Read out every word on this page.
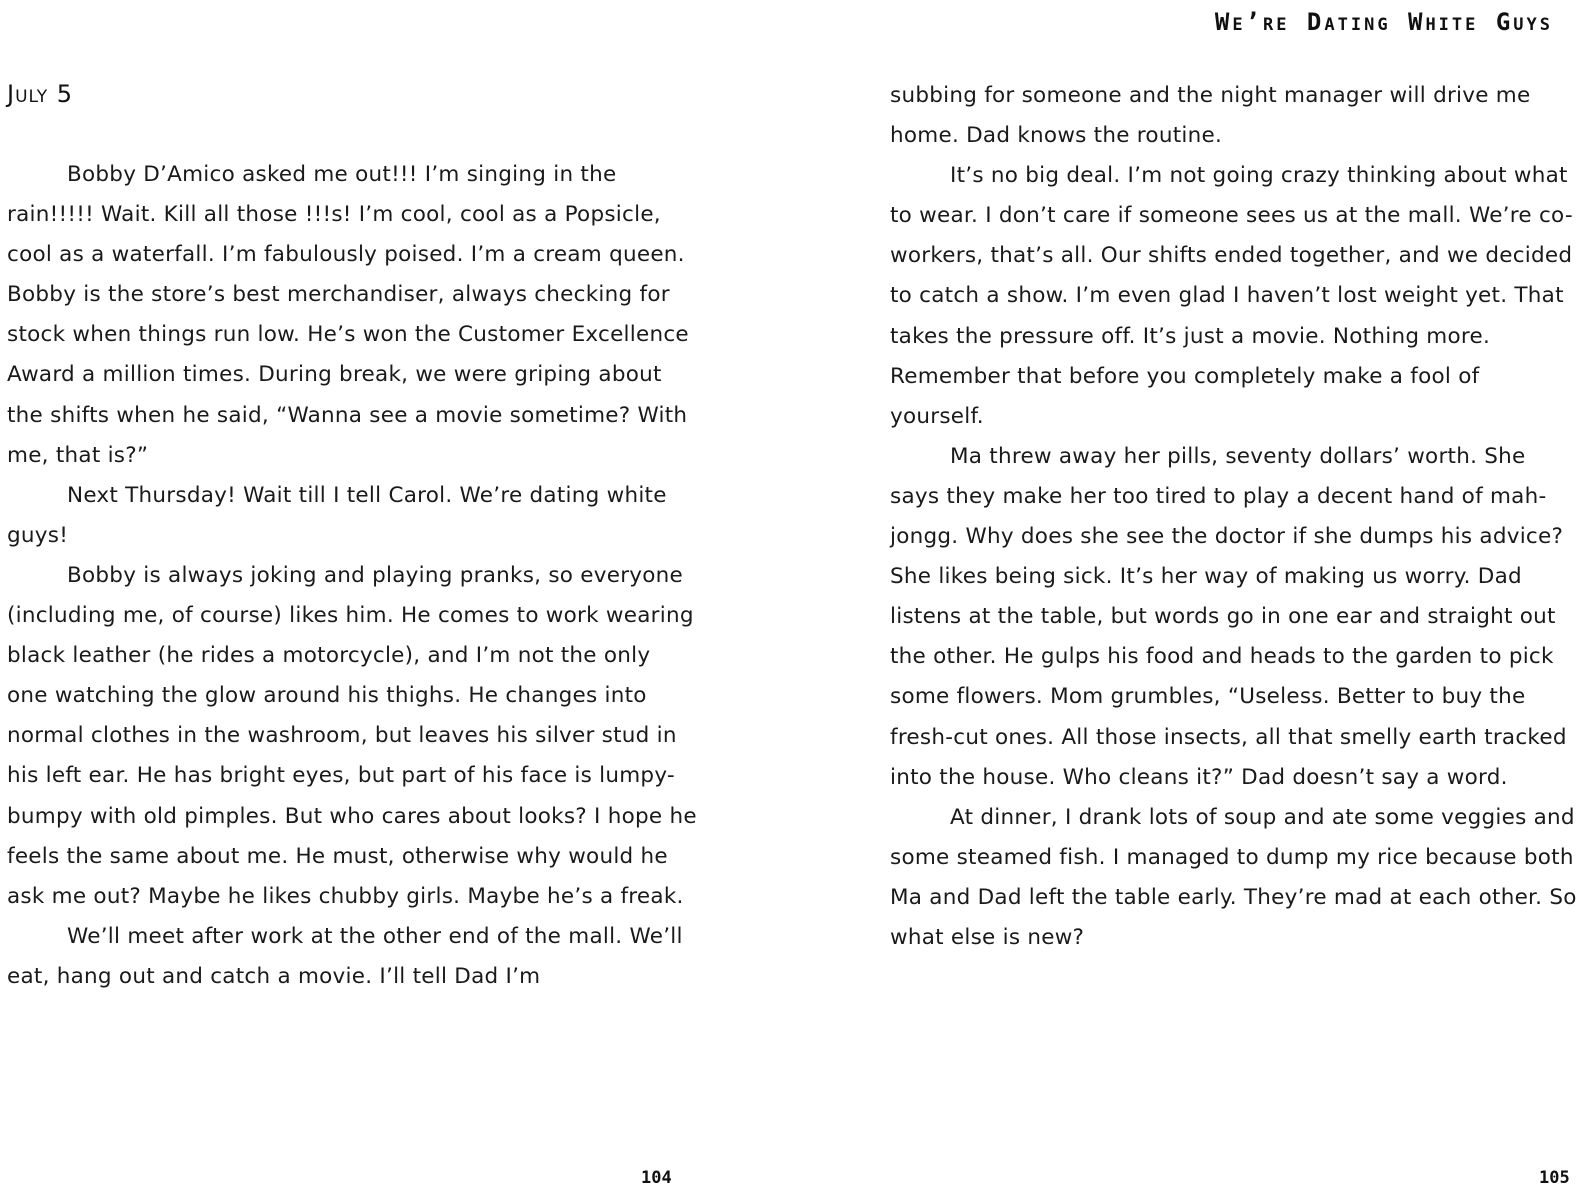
July 5

Bobby D’Amico asked me out!!! I’m singing in the rain!!!!! Wait. Kill all those !!!s! I’m cool, cool as a Popsicle, cool as a waterfall. I’m fabulously poised. I’m a cream queen. Bobby is the store’s best merchandiser, always checking for stock when things run low. He’s won the Customer Excellence Award a million times. During break, we were griping about the shifts when he said, “Wanna see a movie sometime? With me, that is?”

Next Thursday! Wait till I tell Carol. We’re dating white guys!

Bobby is always joking and playing pranks, so everyone (including me, of course) likes him. He comes to work wearing black leather (he rides a motorcycle), and I’m not the only one watching the glow around his thighs. He changes into normal clothes in the washroom, but leaves his silver stud in his left ear. He has bright eyes, but part of his face is lumpy-bumpy with old pimples. But who cares about looks? I hope he feels the same about me. He must, otherwise why would he ask me out? Maybe he likes chubby girls. Maybe he’s a freak.

We’ll meet after work at the other end of the mall. We’ll eat, hang out and catch a movie. I’ll tell Dad I’m

104

subbing for someone and the night manager will drive me home. Dad knows the routine.

It’s no big deal. I’m not going crazy thinking about what to wear. I don’t care if someone sees us at the mall. We’re co-workers, that’s all. Our shifts ended together, and we decided to catch a show. I’m even glad I haven’t lost weight yet. That takes the pressure off. It’s just a movie. Nothing more. Remember that before you completely make a fool of yourself.

Ma threw away her pills, seventy dollars’ worth. She says they make her too tired to play a decent hand of mah-jongg. Why does she see the doctor if she dumps his advice? She likes being sick. It’s her way of making us worry. Dad listens at the table, but words go in one ear and straight out the other. He gulps his food and heads to the garden to pick some flowers. Mom grumbles, “Useless. Better to buy the fresh-cut ones. All those insects, all that smelly earth tracked into the house. Who cleans it?” Dad doesn’t say a word.

At dinner, I drank lots of soup and ate some veggies and some steamed fish. I managed to dump my rice because both Ma and Dad left the table early. They’re mad at each other. So what else is new?

We’re Dating White Guys
105
